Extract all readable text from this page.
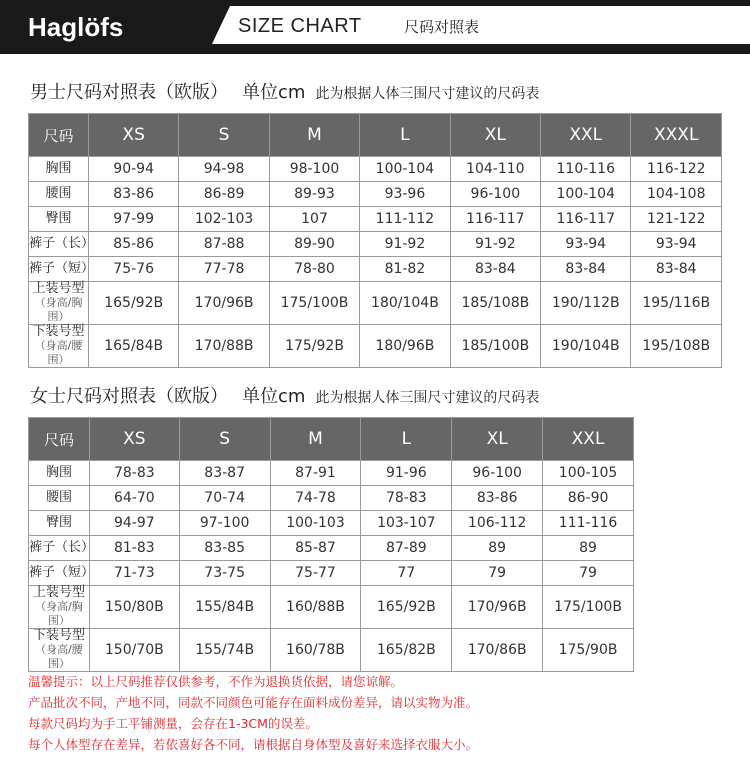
Haglöfs	SIZE CHART	尺码对照表
男士尺码对照表（欧版） 单位cm 此为根据人体三围尺寸建议的尺码表
尺码	XS	S	M	L	XL	XXL	XXXL
胸围	90-94	94-98	98-100	100-104	104-110	110-116	116-122
腰围	83-86	86-89	89-93	93-96	96-100	100-104	104-108
臀围	97-99	102-103	107	111-112	116-117	116-117	121-122
裤子（长）	85-86	87-88	89-90	91-92	91-92	93-94	93-94
裤子（短）	75-76	77-78	78-80	81-82	83-84	83-84	83-84
上装号型
（身高/胸围）	165/92B	170/96B	175/100B	180/104B	185/108B	190/112B	195/116B
下装号型
（身高/腰围）	165/84B	170/88B	175/92B	180/96B	185/100B	190/104B	195/108B
女士尺码对照表（欧版） 单位cm 此为根据人体三围尺寸建议的尺码表
尺码	XS	S	M	L	XL	XXL
胸围	78-83	83-87	87-91	91-96	96-100	100-105
腰围	64-70	70-74	74-78	78-83	83-86	86-90
臀围	94-97	97-100	100-103	103-107	106-112	111-116
裤子（长）	81-83	83-85	85-87	87-89	89	89
裤子（短）	71-73	73-75	75-77	77	79	79
上装号型
（身高/胸围）	150/80B	155/84B	160/88B	165/92B	170/96B	175/100B
下装号型
（身高/腰围）	150/70B	155/74B	160/78B	165/82B	170/86B	175/90B
温馨提示：以上尺码推荐仅供参考，不作为退换货依据，请您谅解。
产品批次不同，产地不同，同款不同颜色可能存在面料成份差异，请以实物为准。
每款尺码均为手工平铺测量，会存在1-3CM的误差。
每个人体型存在差异，若依喜好各不同，请根据自身体型及喜好来选择衣服大小。
